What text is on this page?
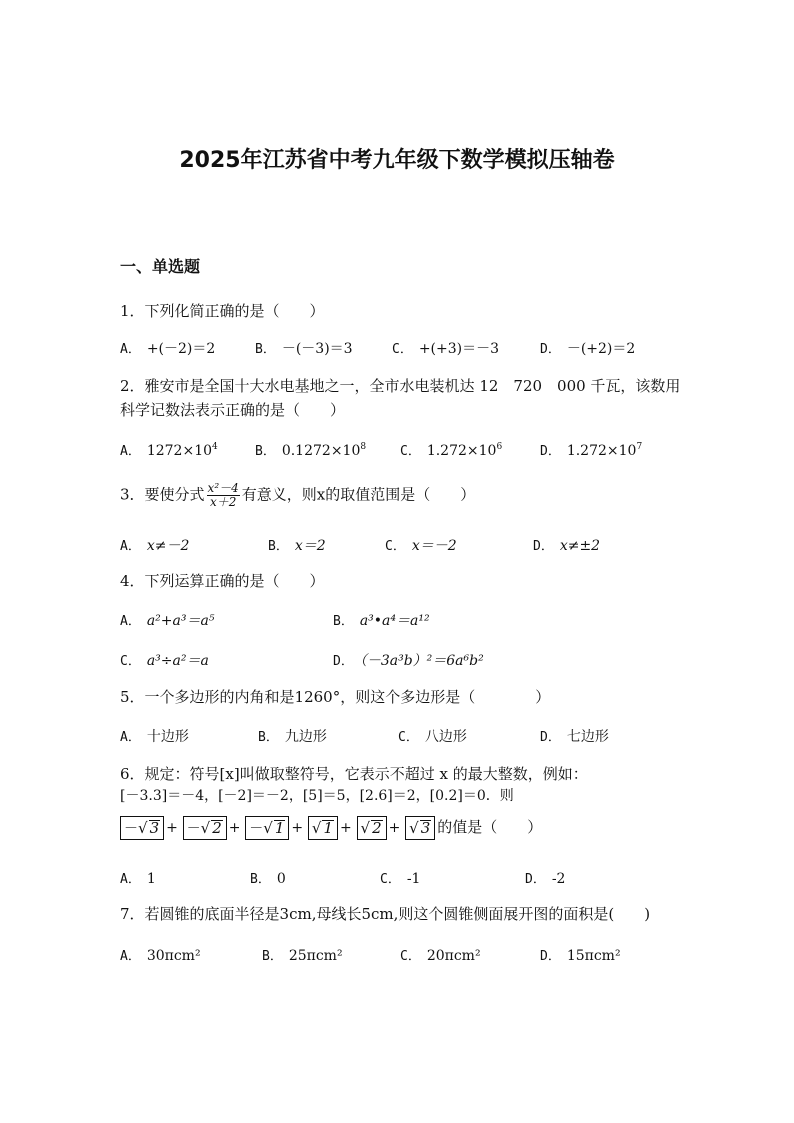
2025年江苏省中考九年级下数学模拟压轴卷
一、单选题
1．下列化简正确的是（　　）
A． +(－2)＝2	B． －(－3)＝3	C． +(+3)＝－3	D． －(+2)＝2
2．雅安市是全国十大水电基地之一，全市水电装机达 12　720　000 千瓦，该数用
科学记数法表示正确的是（　　）
A． $1272\times 10^4$	B． $0.1272\times 10^8$	C． $1.272\times 10^6$	D． $1.272\times 10^7$
3．要使分式 $\frac{\text{x²－4}}{x+2}$ 有意义，则x的取值范围是（　　）
A． x≠－2	B． x＝2	C． x＝－2	D． x≠±2
4．下列运算正确的是（　　）
A． a²+a³＝a⁵	B． a³•a⁴＝a¹²
C． a³÷a²＝a	D． （－3a³b）²＝6a⁶b²
5．一个多边形的内角和是1260°，则这个多边形是（　　　　）
A． 十边形	B． 九边形	C． 八边形	D． 七边形
6．规定：符号[x]叫做取整符号，它表示不超过 x 的最大整数，例如：
[－3.3]＝－4，[－2]＝－2，[5]＝5，[2.6]＝2，[0.2]＝0．则
－√ 3 + －√ 2 + －√ 1 + √ 1 + √ 2 + √ 3 的值是（　　）
A． 1	B． 0	C． -1	D． -2
7．若圆锥的底面半径是3cm,母线长5cm,则这个圆锥侧面展开图的面积是(　　)
A． 30πcm²	B． 25πcm²	C． 20πcm²	D． 15πcm²
